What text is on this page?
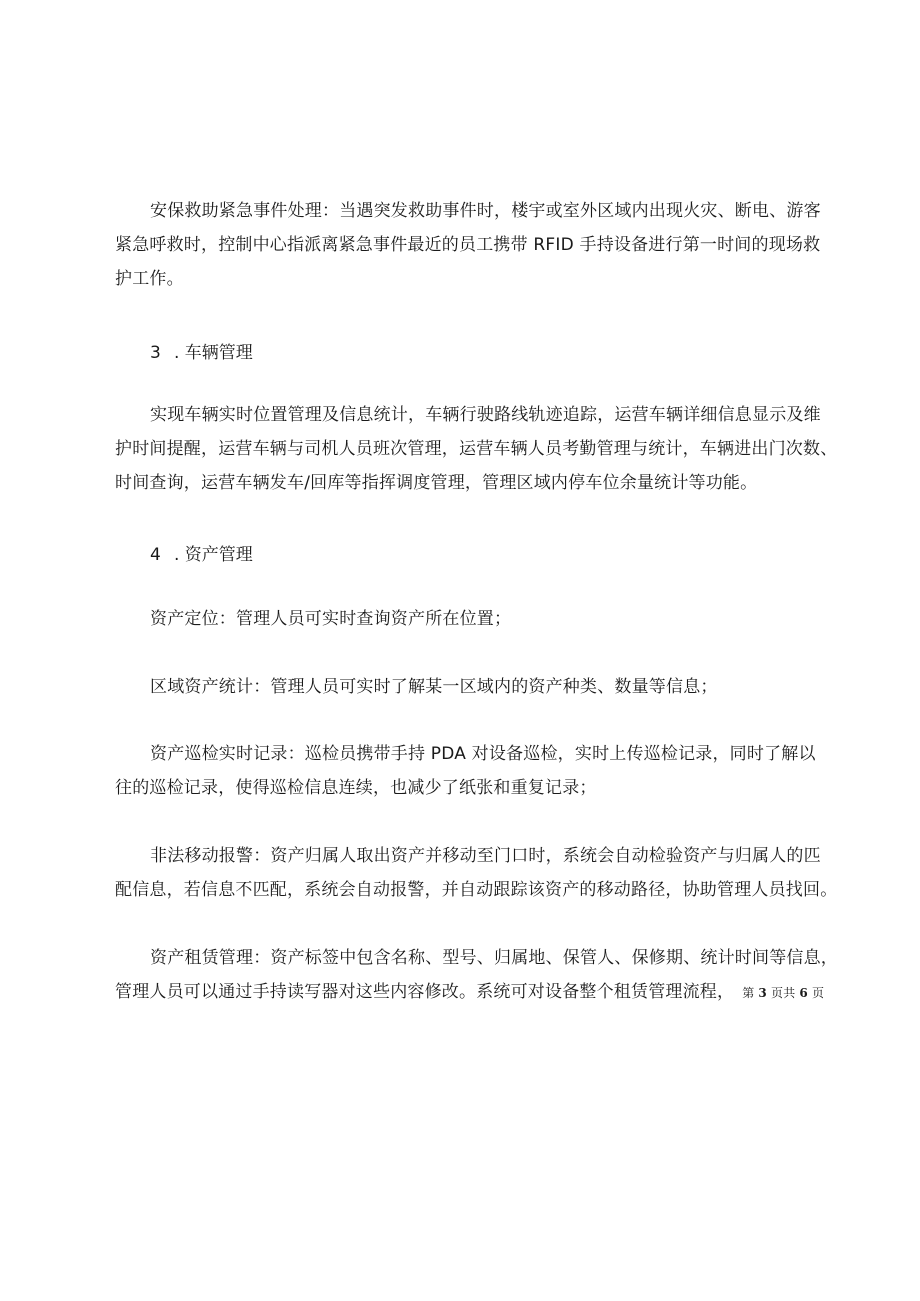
安保救助紧急事件处理：当遇突发救助事件时，楼宇或室外区域内出现火灾、断电、游客
紧急呼救时，控制中心指派离紧急事件最近的员工携带 RFID 手持设备进行第一时间的现场救
护工作。
3 . 车辆管理
实现车辆实时位置管理及信息统计，车辆行驶路线轨迹追踪，运营车辆详细信息显示及维
护时间提醒，运营车辆与司机人员班次管理，运营车辆人员考勤管理与统计，车辆进出门次数、
时间查询，运营车辆发车/回库等指挥调度管理，管理区域内停车位余量统计等功能。
4 . 资产管理
资产定位：管理人员可实时查询资产所在位置；
区域资产统计：管理人员可实时了解某一区域内的资产种类、数量等信息；
资产巡检实时记录：巡检员携带手持 PDA 对设备巡检，实时上传巡检记录，同时了解以
往的巡检记录，使得巡检信息连续，也减少了纸张和重复记录；
非法移动报警：资产归属人取出资产并移动至门口时，系统会自动检验资产与归属人的匹
配信息，若信息不匹配，系统会自动报警，并自动跟踪该资产的移动路径，协助管理人员找回。
资产租赁管理：资产标签中包含名称、型号、归属地、保管人、保修期、统计时间等信息，
管理人员可以通过手持读写器对这些内容修改。系统可对设备整个租赁管理流程， 第 3 页共 6 页
